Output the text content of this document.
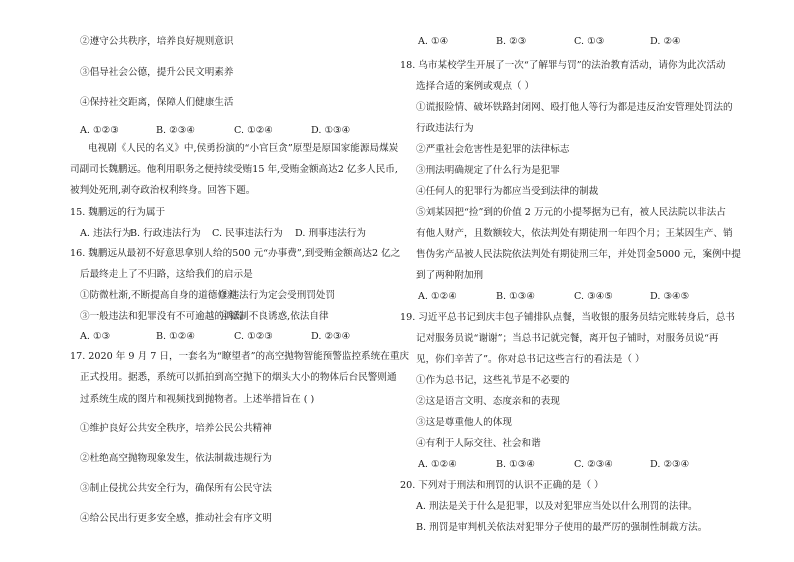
②遵守公共秩序，培养良好规则意识
③倡导社会公德，提升公民文明素养
④保持社交距离，保障人们健康生活
电视剧《人民的名义》中,侯勇扮演的“小官巨贪”原型是原国家能源局煤炭
司副司长魏鹏远。他利用职务之便持续受贿15 年,受贿金额高达2 亿多人民币,
被判处死刑,剥夺政治权利终身。回答下题。
15. 魏鹏远的行为属于
16. 魏鹏远从最初不好意思拿别人给的500 元“办事费”,到受贿金额高达2 亿之
后最终走上了不归路，这给我们的启示是
①防微杜渐,不断提高自身的道德修养
③一般违法和犯罪没有不可逾越的鸿沟
17. 2020 年 9 月 7 日，一套名为“瞭望者”的高空抛物智能预警监控系统在重庆
正式投用。据悉，系统可以抓拍到高空抛下的烟头大小的物体后台民警则通
过系统生成的图片和视频找到抛物者。上述举措旨在 ( )
①维护良好公共安全秩序，培养公民公共精神
②杜绝高空抛物现象发生，依法制裁违规行为
③制止侵扰公共安全行为，确保所有公民守法
④给公民出行更多安全感，推动社会有序文明
A. ①②③	B. ②③④	C. ①②④	D. ①③④
A. 违法行为
B. 行政违法行为 C. 民事违法行为 D. 刑事违法行为
②违法行为定会受刑罚处罚
④抵制不良诱惑,依法自律
A. ①③	B. ①②④	C. ①②③	D. ②③④
18. 乌市某校学生开展了一次“了解罪与罚”的法治教育活动，请你为此次活动
选择合适的案例或观点（ ）
①谎报险情、破坏铁路封闭网、殴打他人等行为都是违反治安管理处罚法的
行政违法行为
②严重社会危害性是犯罪的法律标志
③刑法明确规定了什么行为是犯罪
④任何人的犯罪行为都应当受到法律的制裁
⑤刘某因把“捡”到的价值 2 万元的小提琴据为已有，被人民法院以非法占
有他人财产，且数额较大，依法判处有期徒刑一年四个月；王某因生产、销
售伪劣产品被人民法院依法判处有期徒刑三年，并处罚金5000 元，案例中提
到了两种附加刑
19. 习近平总书记到庆丰包子铺排队点餐，当收银的服务员结完账转身后，总书
记对服务员说“谢谢”；当总书记就完餐，离开包子铺时，对服务员说“再
见，你们辛苦了”。你对总书记这些言行的看法是（ ）
①作为总书记，这些礼节是不必要的
②这是语言文明、态度亲和的表现
③这是尊重他人的体现
④有利于人际交往、社会和谐
20. 下列对于刑法和刑罚的认识不正确的是（ ）
A. 刑法是关于什么是犯罪，以及对犯罪应当处以什么刑罚的法律。
B. 刑罚是审判机关依法对犯罪分子使用的最严厉的强制性制裁方法。
A. ①④	B. ②③	C. ①③	D. ②④
A. ①②④	B. ①③④	C. ③④⑤	D. ③④⑤
A. ①②④	B. ①③④	C. ②③④	D. ②③④
